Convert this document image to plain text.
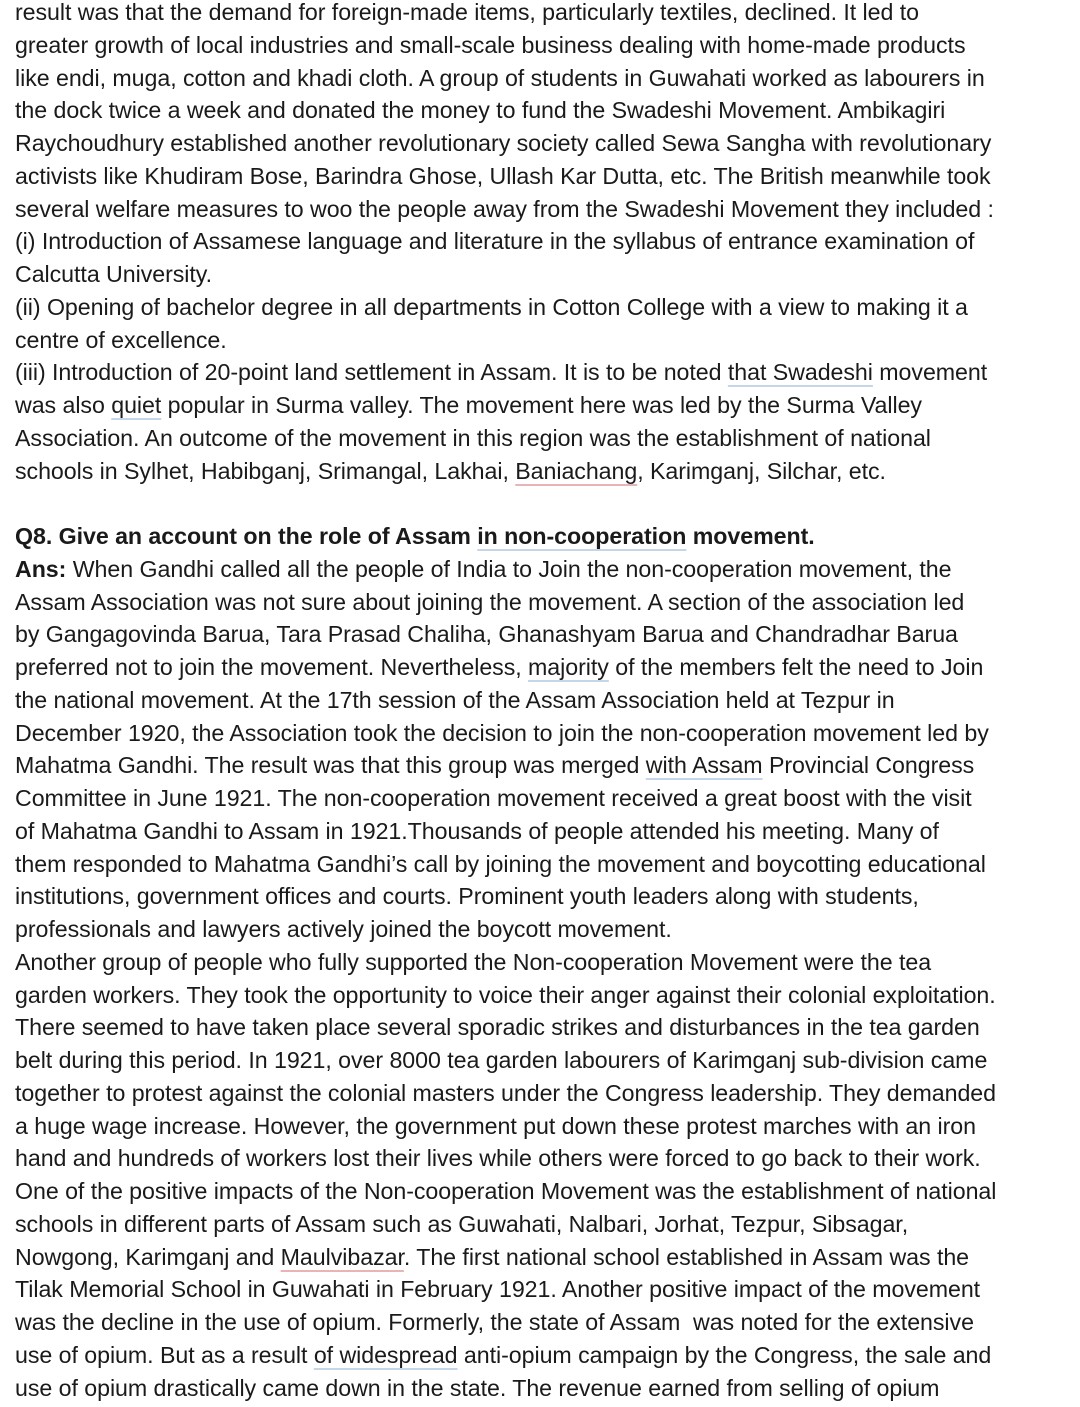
result was that the demand for foreign-made items, particularly textiles, declined. It led to
greater growth of local industries and small-scale business dealing with home-made products
like endi, muga, cotton and khadi cloth. A group of students in Guwahati worked as labourers in
the dock twice a week and donated the money to fund the Swadeshi Movement. Ambikagiri
Raychoudhury established another revolutionary society called Sewa Sangha with revolutionary
activists like Khudiram Bose, Barindra Ghose, Ullash Kar Dutta, etc. The British meanwhile took
several welfare measures to woo the people away from the Swadeshi Movement they included :
(i) Introduction of Assamese language and literature in the syllabus of entrance examination of
Calcutta University.
(ii) Opening of bachelor degree in all departments in Cotton College with a view to making it a
centre of excellence.
(iii) Introduction of 20-point land settlement in Assam. It is to be noted that Swadeshi movement
was also quiet popular in Surma valley. The movement here was led by the Surma Valley
Association. An outcome of the movement in this region was the establishment of national
schools in Sylhet, Habibganj, Srimangal, Lakhai, Baniachang, Karimganj, Silchar, etc.
Q8. Give an account on the role of Assam in non-cooperation movement.
Ans: When Gandhi called all the people of India to Join the non-cooperation movement, the
Assam Association was not sure about joining the movement. A section of the association led
by Gangagovinda Barua, Tara Prasad Chaliha, Ghanashyam Barua and Chandradhar Barua
preferred not to join the movement. Nevertheless, majority of the members felt the need to Join
the national movement. At the 17th session of the Assam Association held at Tezpur in
December 1920, the Association took the decision to join the non-cooperation movement led by
Mahatma Gandhi. The result was that this group was merged with Assam Provincial Congress
Committee in June 1921. The non-cooperation movement received a great boost with the visit
of Mahatma Gandhi to Assam in 1921.Thousands of people attended his meeting. Many of
them responded to Mahatma Gandhi’s call by joining the movement and boycotting educational
institutions, government offices and courts. Prominent youth leaders along with students,
professionals and lawyers actively joined the boycott movement.
Another group of people who fully supported the Non-cooperation Movement were the tea
garden workers. They took the opportunity to voice their anger against their colonial exploitation.
There seemed to have taken place several sporadic strikes and disturbances in the tea garden
belt during this period. In 1921, over 8000 tea garden labourers of Karimganj sub-division came
together to protest against the colonial masters under the Congress leadership. They demanded
a huge wage increase. However, the government put down these protest marches with an iron
hand and hundreds of workers lost their lives while others were forced to go back to their work.
One of the positive impacts of the Non-cooperation Movement was the establishment of national
schools in different parts of Assam such as Guwahati, Nalbari, Jorhat, Tezpur, Sibsagar,
Nowgong, Karimganj and Maulvibazar. The first national school established in Assam was the
Tilak Memorial School in Guwahati in February 1921. Another positive impact of the movement
was the decline in the use of opium. Formerly, the state of Assam  was noted for the extensive
use of opium. But as a result of widespread anti-opium campaign by the Congress, the sale and
use of opium drastically came down in the state. The revenue earned from selling of opium
